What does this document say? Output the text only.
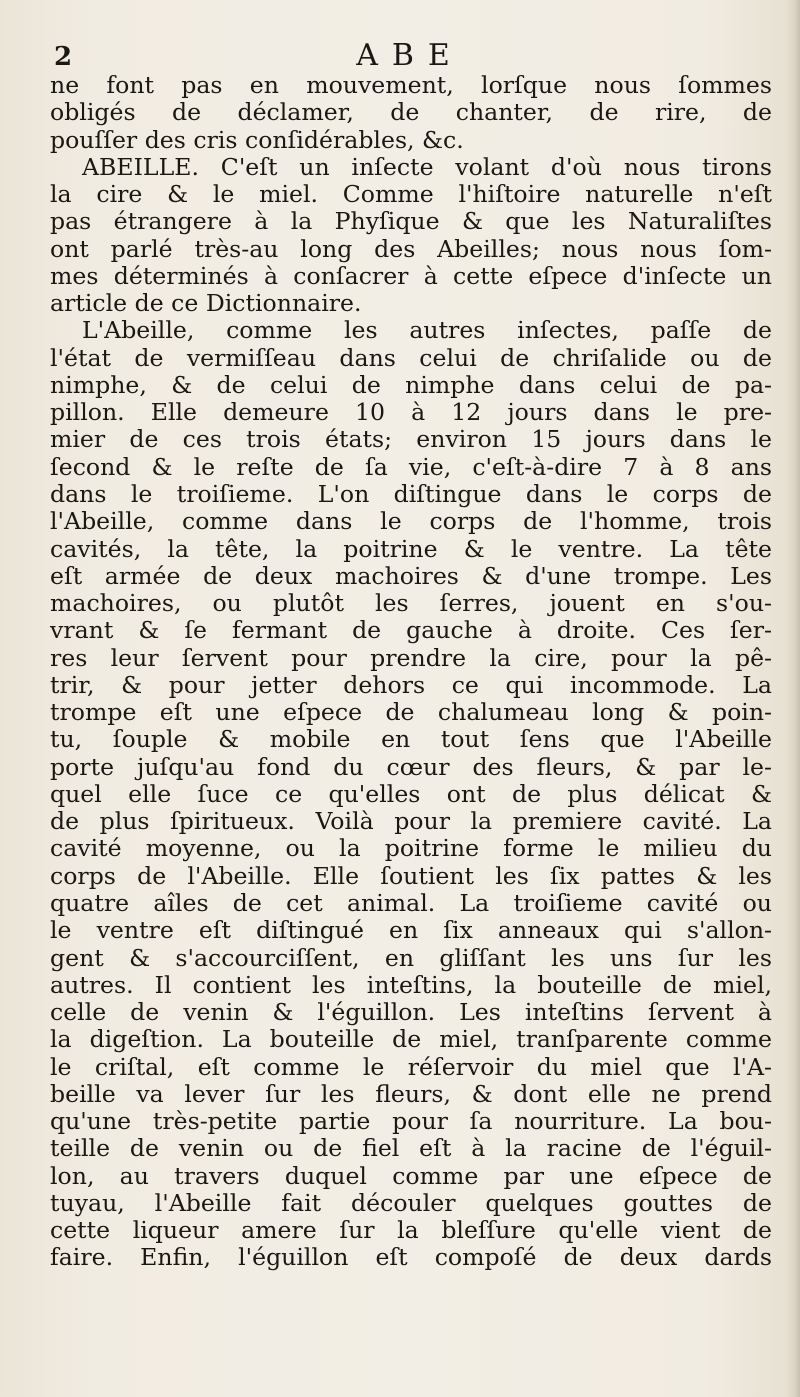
2	ABE
ne font pas en mouvement, lorſque nous ſommes
obligés de déclamer, de chanter, de rire, de
pouſſer des cris conſidérables, &c.
ABEILLE. C'eſt un inſecte volant d'où nous tirons
la cire & le miel. Comme l'hiſtoire naturelle n'eſt
pas étrangere à la Phyſique & que les Naturaliſtes
ont parlé très-au long des Abeilles; nous nous ſom-
mes déterminés à conſacrer à cette eſpece d'inſecte un
article de ce Dictionnaire.
L'Abeille, comme les autres inſectes, paſſe de
l'état de vermiſſeau dans celui de chriſalide ou de
nimphe, & de celui de nimphe dans celui de pa-
pillon. Elle demeure 10 à 12 jours dans le pre-
mier de ces trois états; environ 15 jours dans le
ſecond & le reſte de ſa vie, c'eſt-à-dire 7 à 8 ans
dans le troiſieme. L'on diſtingue dans le corps de
l'Abeille, comme dans le corps de l'homme, trois
cavités, la tête, la poitrine & le ventre. La tête
eſt armée de deux machoires & d'une trompe. Les
machoires, ou plutôt les ſerres, jouent en s'ou-
vrant & ſe fermant de gauche à droite. Ces ſer-
res leur ſervent pour prendre la cire, pour la pê-
trir, & pour jetter dehors ce qui incommode. La
trompe eſt une eſpece de chalumeau long & poin-
tu, ſouple & mobile en tout ſens que l'Abeille
porte juſqu'au fond du cœur des fleurs, & par le-
quel elle ſuce ce qu'elles ont de plus délicat &
de plus ſpiritueux. Voilà pour la premiere cavité. La
cavité moyenne, ou la poitrine forme le milieu du
corps de l'Abeille. Elle ſoutient les ſix pattes & les
quatre aîles de cet animal. La troiſieme cavité ou
le ventre eſt diſtingué en ſix anneaux qui s'allon-
gent & s'accourciſſent, en gliſſant les uns ſur les
autres. Il contient les inteſtins, la bouteille de miel,
celle de venin & l'éguillon. Les inteſtins ſervent à
la digeſtion. La bouteille de miel, tranſparente comme
le criſtal, eſt comme le réſervoir du miel que l'A-
beille va lever ſur les fleurs, & dont elle ne prend
qu'une très-petite partie pour ſa nourriture. La bou-
teille de venin ou de fiel eſt à la racine de l'éguil-
lon, au travers duquel comme par une eſpece de
tuyau, l'Abeille fait découler quelques gouttes de
cette liqueur amere ſur la bleſſure qu'elle vient de
faire. Enfin, l'éguillon eſt compoſé de deux dards
